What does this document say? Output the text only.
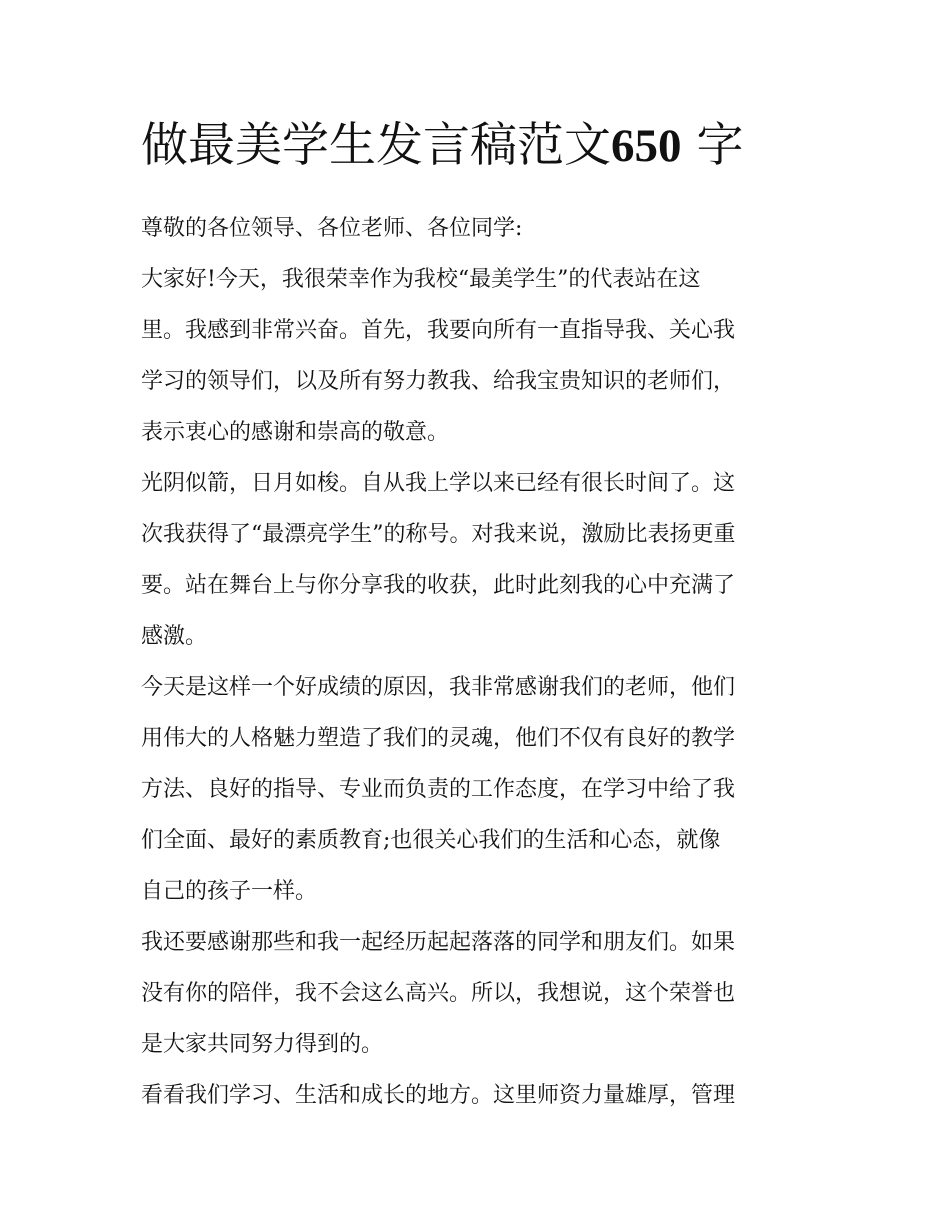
做最美学生发言稿范文650 字
尊敬的各位领导、各位老师、各位同学:
大家好!今天，我很荣幸作为我校“最美学生”的代表站在这
里。我感到非常兴奋。首先，我要向所有一直指导我、关心我
学习的领导们，以及所有努力教我、给我宝贵知识的老师们，
表示衷心的感谢和崇高的敬意。
光阴似箭，日月如梭。自从我上学以来已经有很长时间了。这
次我获得了“最漂亮学生”的称号。对我来说，激励比表扬更重
要。站在舞台上与你分享我的收获，此时此刻我的心中充满了
感激。
今天是这样一个好成绩的原因，我非常感谢我们的老师，他们
用伟大的人格魅力塑造了我们的灵魂，他们不仅有良好的教学
方法、良好的指导、专业而负责的工作态度，在学习中给了我
们全面、最好的素质教育;也很关心我们的生活和心态，就像
自己的孩子一样。
我还要感谢那些和我一起经历起起落落的同学和朋友们。如果
没有你的陪伴，我不会这么高兴。所以，我想说，这个荣誉也
是大家共同努力得到的。
看看我们学习、生活和成长的地方。这里师资力量雄厚，管理
